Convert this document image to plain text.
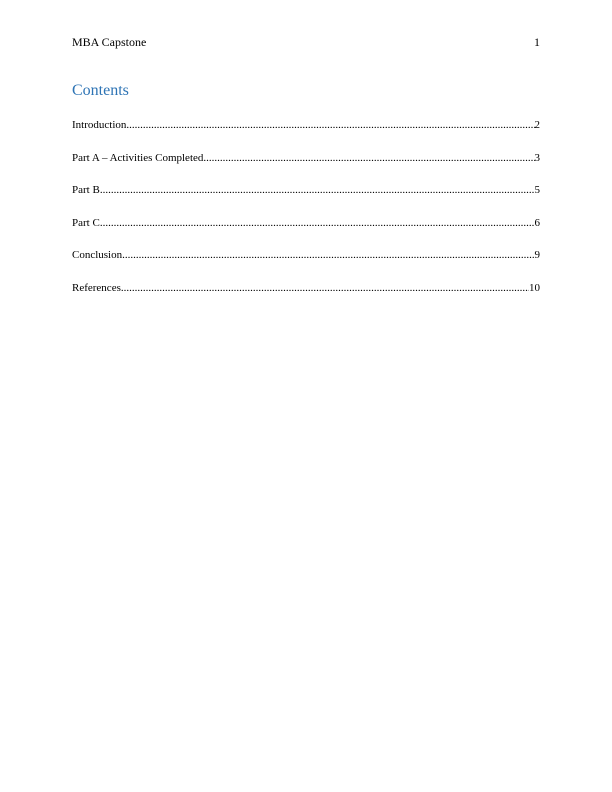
MBA Capstone	1
Contents
Introduction .....	2
Part A – Activities Completed .....	3
Part B .....	5
Part C .....	6
Conclusion .....	9
References .....	10
